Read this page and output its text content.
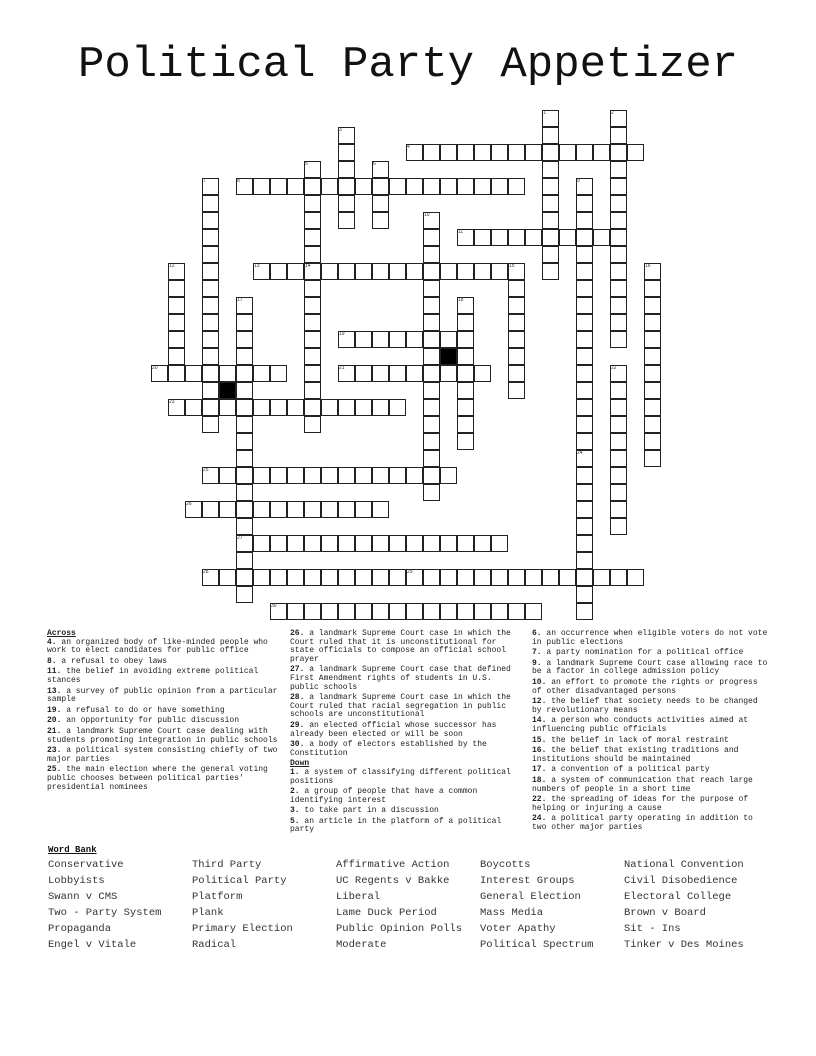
Political Party Appetizer
1	2
3
4
5	6
7	8	9
10
11
12	13	14	15	16
17	18
19
20	21	22
23
24
25
26
27
28	29
30
Across
4. an organized body of like-minded people who work to elect candidates for public office
8. a refusal to obey laws
11. the belief in avoiding extreme political stances
13. a survey of public opinion from a particular sample
19. a refusal to do or have something
20. an opportunity for public discussion
21. a landmark Supreme Court case dealing with students promoting integration in public schools
23. a political system consisting chiefly of two major parties
25. the main election where the general voting public chooses between political parties' presidential nominees
26. a landmark Supreme Court case in which the Court ruled that it is unconstitutional for state officials to compose an official school prayer
27. a landmark Supreme Court case that defined First Amendment rights of students in U.S. public schools
28. a landmark Supreme Court case in which the Court ruled that racial segregation in public schools are unconstitutional
29. an elected official whose successor has already been elected or will be soon
30. a body of electors established by the Constitution
Down
1. a system of classifying different political positions
2. a group of people that have a common identifying interest
3. to take part in a discussion
5. an article in the platform of a political party
6. an occurrence when eligible voters do not vote in public elections
7. a party nomination for a political office
9. a landmark Supreme Court case allowing race to be a factor in college admission policy
10. an effort to promote the rights or progress of other disadvantaged persons
12. the belief that society needs to be changed by revolutionary means
14. a person who conducts activities aimed at influencing public officials
15. the belief in lack of moral restraint
16. the belief that existing traditions and institutions should be maintained
17. a convention of a political party
18. a system of communication that reach large numbers of people in a short time
22. the spreading of ideas for the purpose of helping or injuring a cause
24. a political party operating in addition to two other major parties
Word Bank
Conservative	Third Party	Affirmative Action	Boycotts	National Convention
Lobbyists	Political Party	UC Regents v Bakke	Interest Groups	Civil Disobedience
Swann v CMS	Platform	Liberal	General Election	Electoral College
Two - Party System	Plank	Lame Duck Period	Mass Media	Brown v Board
Propaganda	Primary Election	Public Opinion Polls	Voter Apathy	Sit - Ins
Engel v Vitale	Radical	Moderate	Political Spectrum	Tinker v Des Moines
